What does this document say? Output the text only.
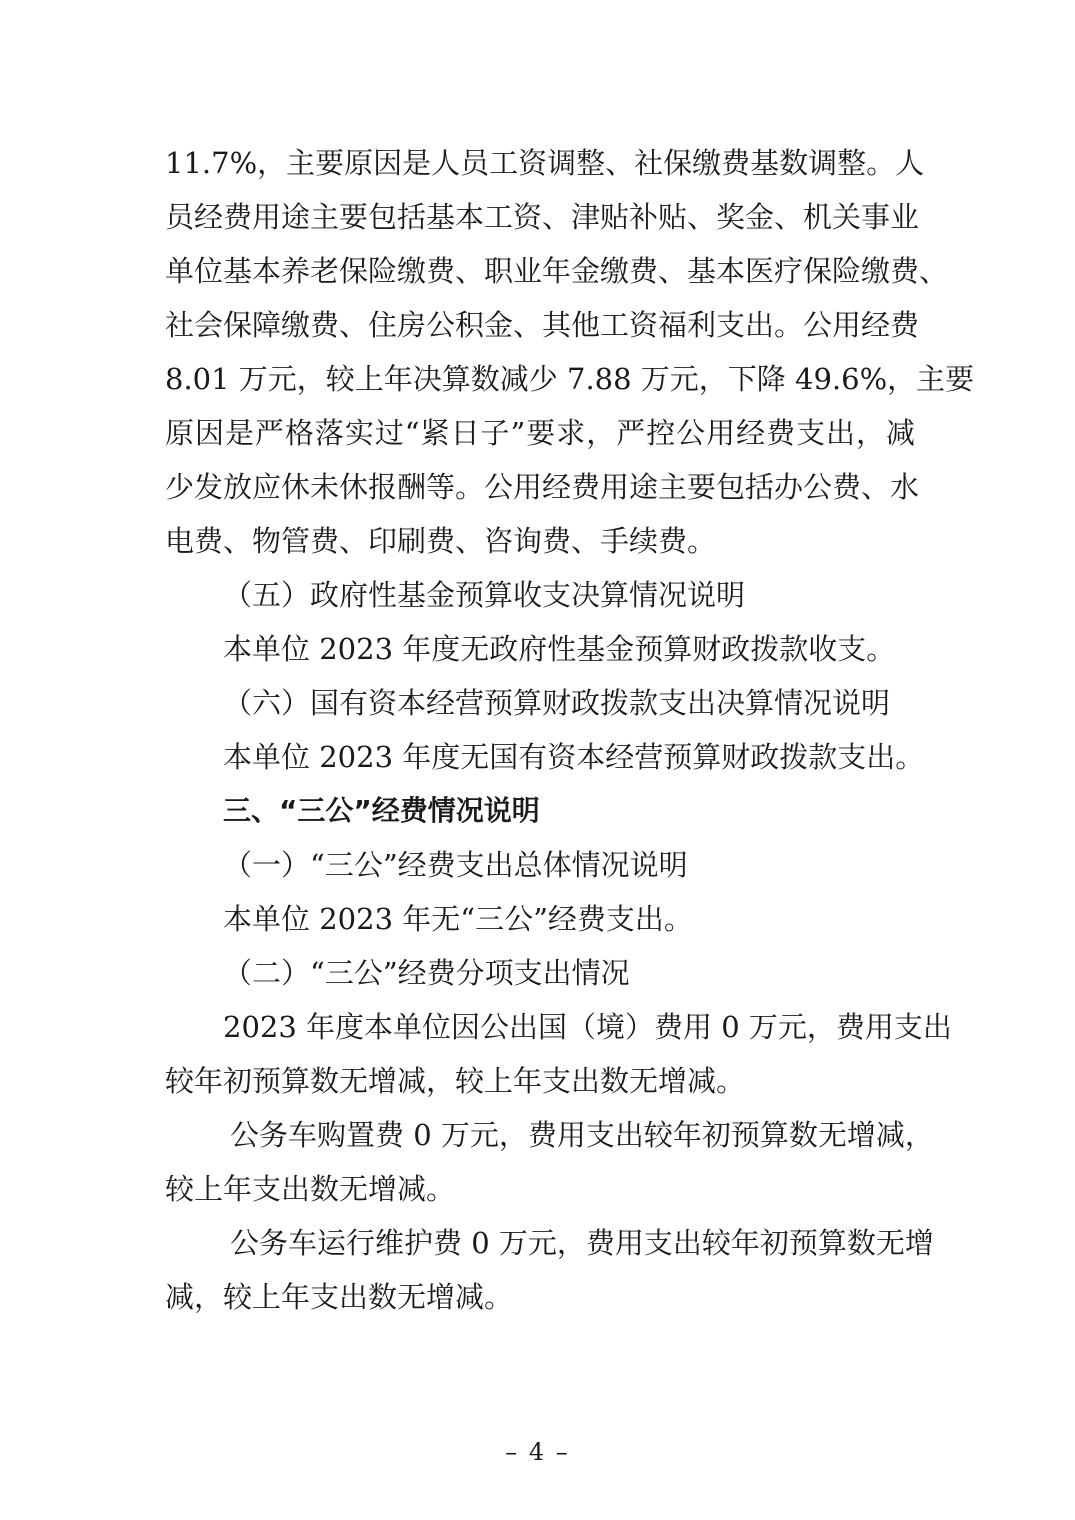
11.7%，主要原因是人员工资调整、社保缴费基数调整。人
员经费用途主要包括基本工资、津贴补贴、奖金、机关事业
单位基本养老保险缴费、职业年金缴费、基本医疗保险缴费、
社会保障缴费、住房公积金、其他工资福利支出。公用经费
8.01 万元，较上年决算数减少 7.88 万元，下降 49.6%，主要
原因是严格落实过“紧日子”要求，严控公用经费支出，减
少发放应休未休报酬等。公用经费用途主要包括办公费、水
电费、物管费、印刷费、咨询费、手续费。
（五）政府性基金预算收支决算情况说明
本单位 2023 年度无政府性基金预算财政拨款收支。
（六）国有资本经营预算财政拨款支出决算情况说明
本单位 2023 年度无国有资本经营预算财政拨款支出。
三、“三公”经费情况说明
（一）“三公”经费支出总体情况说明
本单位 2023 年无“三公”经费支出。
（二）“三公”经费分项支出情况
2023 年度本单位因公出国（境）费用 0 万元，费用支出
较年初预算数无增减，较上年支出数无增减。
公务车购置费 0 万元，费用支出较年初预算数无增减，
较上年支出数无增减。
公务车运行维护费 0 万元，费用支出较年初预算数无增
减，较上年支出数无增减。
– 4 –
